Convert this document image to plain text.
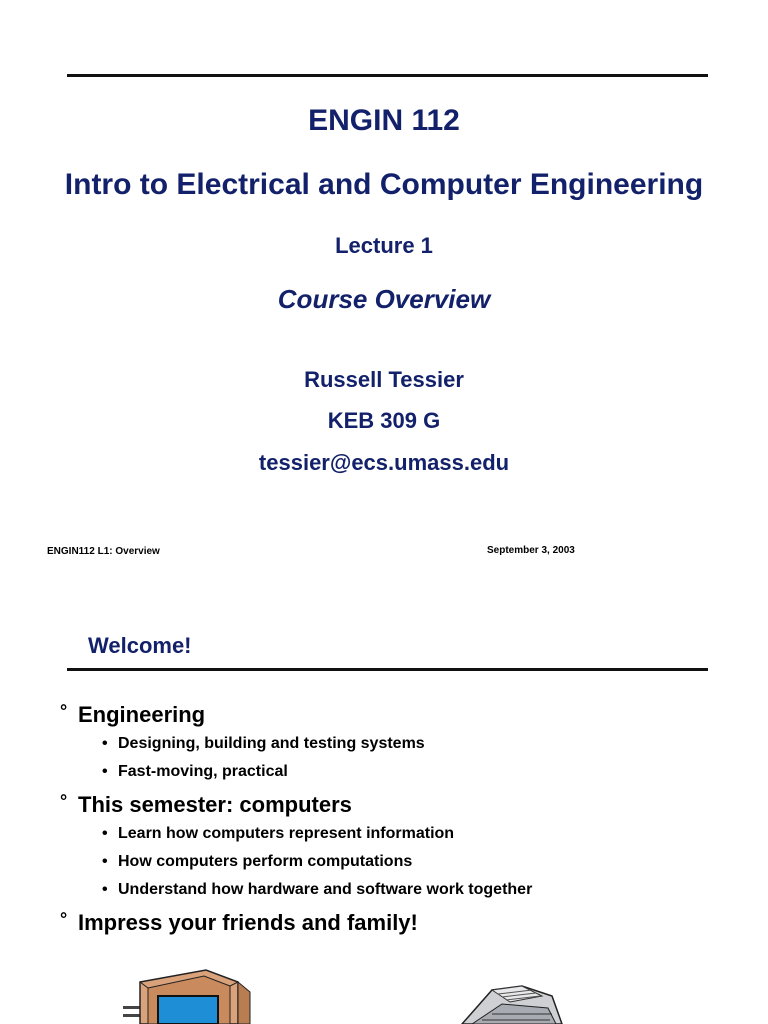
ENGIN 112
Intro to Electrical and Computer Engineering
Lecture 1
Course Overview
Russell Tessier
KEB 309 G
tessier@ecs.umass.edu
ENGIN112 L1: Overview	September 3, 2003
Welcome!
° Engineering
• Designing, building and testing systems
• Fast-moving, practical
° This semester: computers
• Learn how computers represent information
• How computers perform computations
• Understand how hardware and software work together
° Impress your friends and family!
